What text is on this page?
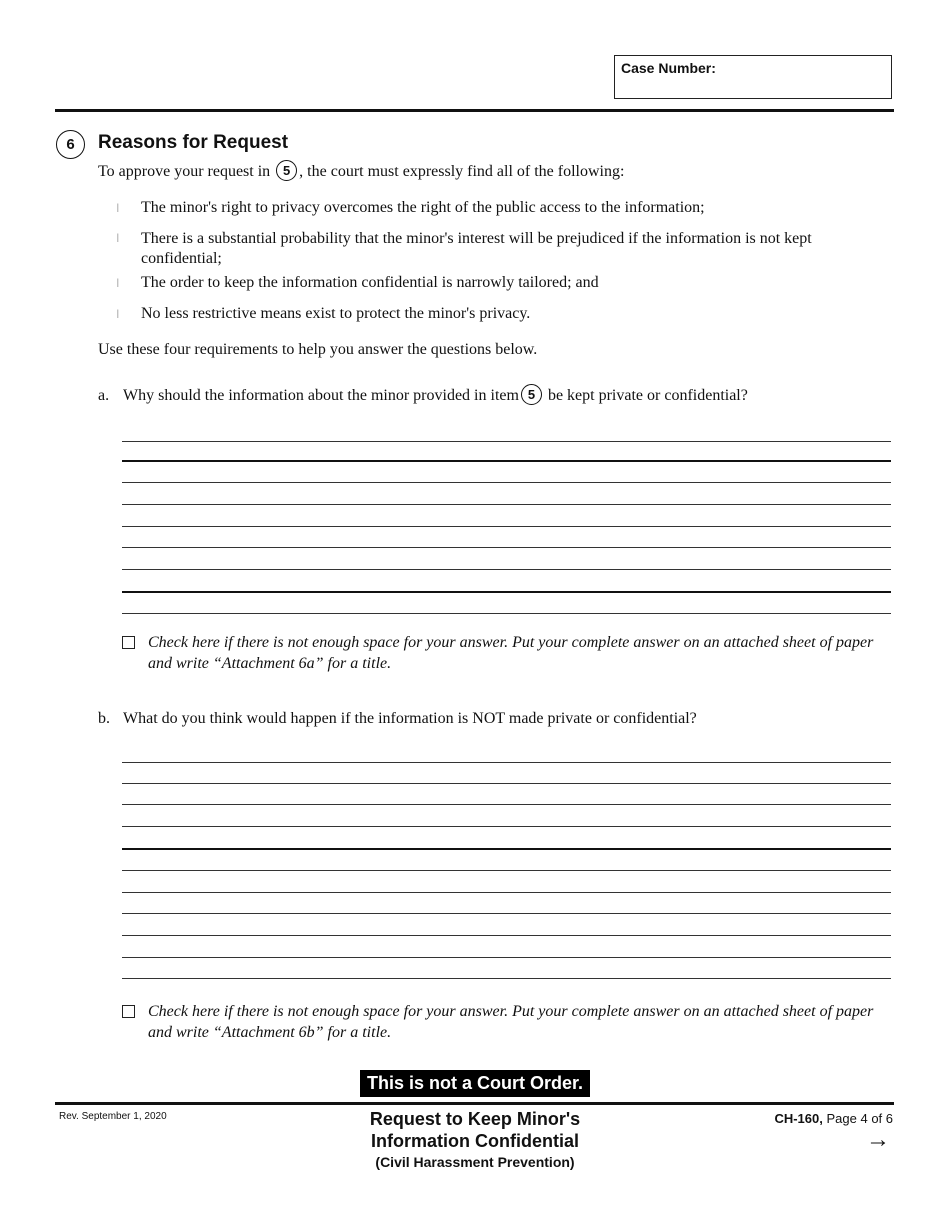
Case Number:
6	Reasons for Request
To approve your request in 5 , the court must expressly find all of the following:
| The minor's right to privacy overcomes the right of the public access to the information;
| There is a substantial probability that the minor's interest will be prejudiced if the information is not kept confidential;
| The order to keep the information confidential is narrowly tailored; and
| No less restrictive means exist to protect the minor's privacy.
Use these four requirements to help you answer the questions below.
a. Why should the information about the minor provided in item 5 be kept private or confidential?
Check here if there is not enough space for your answer. Put your complete answer on an attached sheet of paper and write “Attachment 6a” for a title.
b. What do you think would happen if the information is NOT made private or confidential?
Check here if there is not enough space for your answer. Put your complete answer on an attached sheet of paper and write “Attachment 6b” for a title.
This is not a Court Order.
Rev. September 1, 2020	Request to Keep Minor's
Information Confidential
(Civil Harassment Prevention)
CH-160, Page 4 of 6
→
